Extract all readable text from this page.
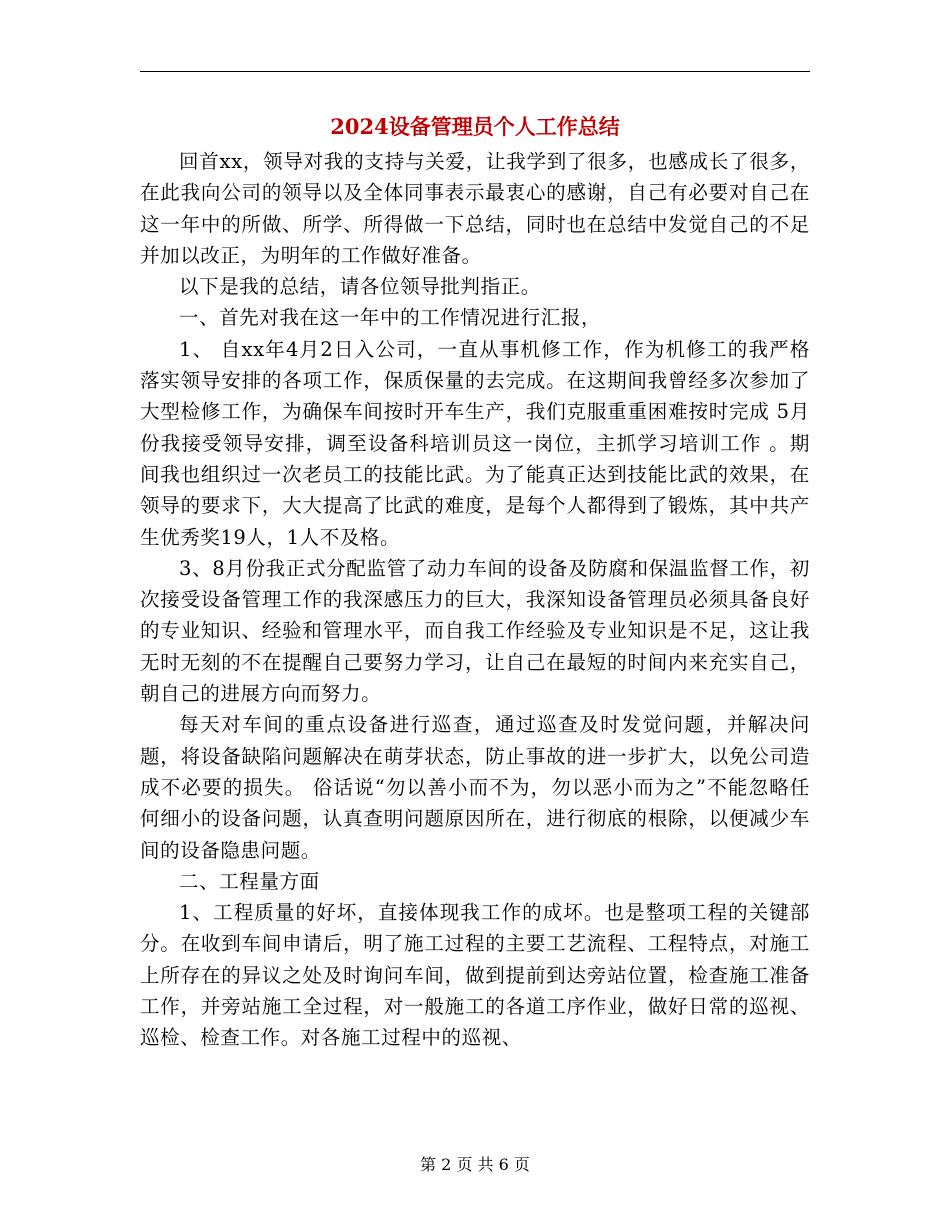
2024设备管理员个人工作总结

回首xx，领导对我的支持与关爱，让我学到了很多，也感成长了很多，在此我向公司的领导以及全体同事表示最衷心的感谢，自己有必要对自己在这一年中的所做、所学、所得做一下总结，同时也在总结中发觉自己的不足并加以改正，为明年的工作做好准备。

以下是我的总结，请各位领导批判指正。

一、首先对我在这一年中的工作情况进行汇报，

1、 自xx年4月2日入公司，一直从事机修工作，作为机修工的我严格落实领导安排的各项工作，保质保量的去完成。在这期间我曾经多次参加了大型检修工作，为确保车间按时开车生产，我们克服重重困难按时完成 5月份我接受领导安排，调至设备科培训员这一岗位，主抓学习培训工作 。期间我也组织过一次老员工的技能比武。为了能真正达到技能比武的效果，在领导的要求下，大大提高了比武的难度，是每个人都得到了锻炼，其中共产生优秀奖19人，1人不及格。

3、8月份我正式分配监管了动力车间的设备及防腐和保温监督工作，初次接受设备管理工作的我深感压力的巨大，我深知设备管理员必须具备良好的专业知识、经验和管理水平，而自我工作经验及专业知识是不足，这让我无时无刻的不在提醒自己要努力学习，让自己在最短的时间内来充实自己，朝自己的进展方向而努力。

每天对车间的重点设备进行巡查，通过巡查及时发觉问题，并解决问题，将设备缺陷问题解决在萌芽状态，防止事故的进一步扩大，以免公司造成不必要的损失。 俗话说“勿以善小而不为，勿以恶小而为之”不能忽略任何细小的设备问题，认真查明问题原因所在，进行彻底的根除，以便减少车间的设备隐患问题。

二、工程量方面

1、工程质量的好坏，直接体现我工作的成坏。也是整项工程的关键部分。在收到车间申请后，明了施工过程的主要工艺流程、工程特点，对施工上所存在的异议之处及时询问车间，做到提前到达旁站位置，检查施工准备工作，并旁站施工全过程，对一般施工的各道工序作业，做好日常的巡视、巡检、检查工作。对各施工过程中的巡视、

第 2 页 共 6 页
